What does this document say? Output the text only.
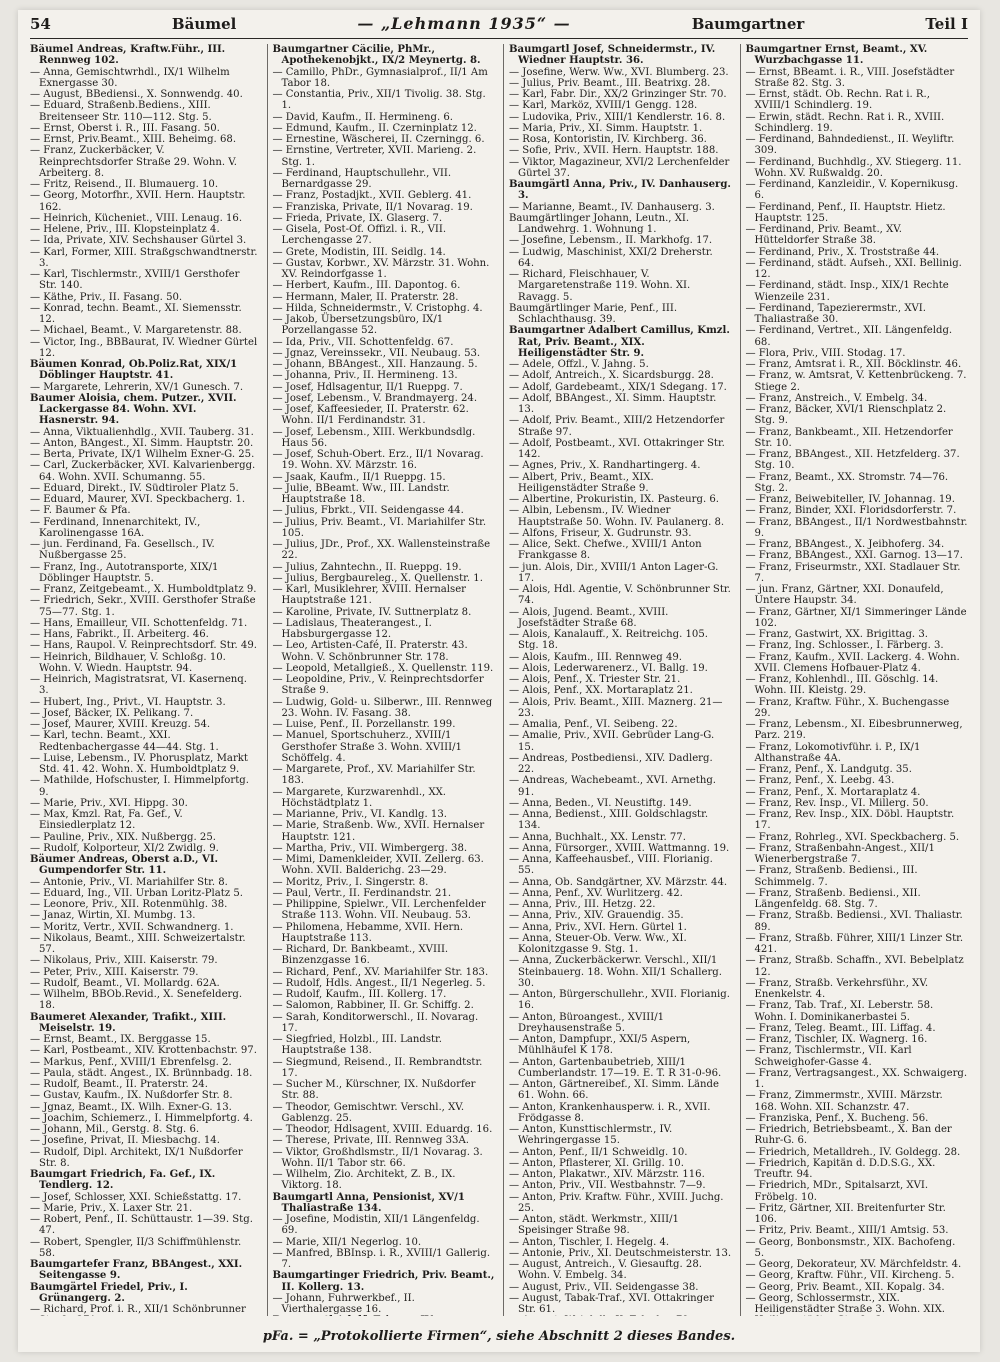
54	Bäumel	— „Lehmann 1935“ —	Baumgartner	Teil I

Bäumel Andreas, Kraftw.Führ., III. Rennweg 102.

— Anna, Gemischtwrhdl., IX/1 Wilhelm Exnergasse 30.

— August, BBediensi., X. Sonnwendg. 40.

— Eduard, Straßenb.Bediens., XIII. Breitenseer Str. 110—112. Stg. 5.

— Ernst, Oberst i. R., III. Fasang. 50.

— Ernst, Priv.Beamt., XIII. Beheimg. 68.

— Franz, Zuckerbäcker, V. Reinprechtsdorfer Straße 29. Wohn. V. Arbeiterg. 8.

— Fritz, Reisend., II. Blumauerg. 10.

— Georg, Motorfhr., XVII. Hern. Hauptstr. 162.

— Heinrich, Kücheniet., VIII. Lenaug. 16.

— Helene, Priv., III. Klopsteinplatz 4.

— Ida, Private, XIV. Sechshauser Gürtel 3.

— Karl, Former, XIII. Straßgschwandtnerstr. 3.

— Karl, Tischlermstr., XVIII/1 Gersthofer Str. 140.

— Käthe, Priv., II. Fasang. 50.

— Konrad, techn. Beamt., XI. Siemensstr. 12.

— Michael, Beamt., V. Margaretenstr. 88.

— Victor, Ing., BBBaurat, IV. Wiedner Gürtel 12.

Bäumen Konrad, Ob.Poliz.Rat, XIX/1 Döblinger Hauptstr. 41.

— Margarete, Lehrerin, XV/1 Gunesch. 7.

Baumer Aloisia, chem. Putzer., XVII. Lackergasse 84. Wohn. XVI. Hasnerstr. 94.

— Anna, Viktualienhdlg., XVII. Tauberg. 31.

— Anton, BAngest., XI. Simm. Hauptstr. 20.

— Berta, Private, IX/1 Wilhelm Exner-G. 25.

— Carl, Zuckerbäcker, XVI. Kalvarienbergg. 64. Wohn. XVII. Schumanng. 55.

— Eduard, Direkt., IV. Südtiroler Platz 5.

— Eduard, Maurer, XVI. Speckbacherg. 1.

— F. Baumer & Pfa.

— Ferdinand, Innenarchitekt, IV., Karolinengasse 16A.

— jun. Ferdinand, Fa. Gesellsch., IV. Nußbergasse 25.

— Franz, Ing., Autotransporte, XIX/1 Döblinger Hauptstr. 5.

— Franz, Zeitgebeamt., X. Humboldtplatz 9.

— Friedrich, Sekr., XVIII. Gersthofer Straße 75—77. Stg. 1.

— Hans, Emailleur, VII. Schottenfeldg. 71.

— Hans, Fabrikt., II. Arbeiterg. 46.

— Hans, Raupol. V. Reinprechtsdorf. Str. 49.

— Heinrich, Bildhauer, V. Schloßg. 10. Wohn. V. Wiedn. Hauptstr. 94.

— Heinrich, Magistratsrat, VI. Kasernenq. 3.

— Hubert, Ing., Privt., VI. Hauptstr. 3.

— Josef, Bäcker, IX. Pelikang. 7.

— Josef, Maurer, XVIII. Kreuzg. 54.

— Karl, techn. Beamt., XXI. Redtenbachergasse 44—44. Stg. 1.

— Luise, Lebensm., IV. Phorusplatz, Markt Std. 41. 42. Wohn. X. Humboldtplatz 9.

— Mathilde, Hofschuster, I. Himmelpfortg. 9.

— Marie, Priv., XVI. Hippg. 30.

— Max, Kmzl. Rat, Fa. Gef., V. Einsiedlerplatz 12.

— Pauline, Priv., XIX. Nußbergg. 25.

— Rudolf, Kolporteur, XI/2 Zwidlg. 9.

Bäumer Andreas, Oberst a.D., VI. Gumpendorfer Str. 11.

— Antonie, Priv., VI. Mariahilfer Str. 8.

— Eduard, Ing., VII. Urban Loritz-Platz 5.

— Leonore, Priv., XII. Rotenmühlg. 38.

— Janaz, Wirtin, XI. Mumbg. 13.

— Moritz, Vertr., XVII. Schwandnerg. 1.

— Nikolaus, Beamt., XIII. Schweizertalstr. 57.

— Nikolaus, Priv., XIII. Kaiserstr. 79.

— Peter, Priv., XIII. Kaiserstr. 79.

— Rudolf, Beamt., VI. Mollardg. 62A.

— Wilhelm, BBOb.Revid., X. Senefelderg. 18.

Baumeret Alexander, Trafikt., XIII. Meiselstr. 19.

— Ernst, Beamt., IX. Berggasse 15.

— Karl, Postbeamt., XIV. Krottenbachstr. 97.

— Markus, Penf., XVIII/1 Ebrenfelsg. 2.

— Paula, städt. Angest., IX. Brünnbadg. 18.

— Rudolf, Beamt., II. Praterstr. 24.

— Gustav, Kaufm., IX. Nußdorfer Str. 8.

— Jgnaz, Beamt., IX. Wilh. Exner-G. 13.

— Joachim, Schiemerz., I. Himmelpfortg. 4.

— Johann, Mil., Gerstg. 8. Stg. 6.

— Josefine, Privat, II. Miesbachg. 14.

— Rudolf, Dipl. Architekt, IX/1 Nußdorfer Str. 8.

Baumgart Friedrich, Fa. Gef., IX. Tendlerg. 12.

— Josef, Schlosser, XXI. Schießstattg. 17.

— Marie, Priv., X. Laxer Str. 21.

— Robert, Penf., II. Schüttaustr. 1—39. Stg. 47.

— Robert, Spengler, II/3 Schiffmühlenstr. 58.

Baumgartefer Franz, BBAngest., XXI. Seitengasse 9.

Baumgärtel Friedel, Priv., I. Grünangerg. 2.

— Richard, Prof. i. R., XII/1 Schönbrunner

Baumgartner Cäcilie, PhMr., Apothekenobjkt., IX/2 Meynertg. 8.

— Camillo, PhDr., Gymnasialprof., II/1 Am Tabor 18.

— Constantia, Priv., XII/1 Tivolig. 38. Stg. 1.

— David, Kaufm., II. Hermineng. 6.

— Edmund, Kaufm., II. Czerninplatz 12.

— Ernestine, Wäscherei, II. Czerningg. 6.

— Ernstine, Vertreter, XVII. Marieng. 2. Stg. 1.

— Ferdinand, Hauptschullehr., VII. Bernardgasse 29.

— Franz, Postadjkt., XVII. Geblerg. 41.

— Franziska, Private, II/1 Novarag. 19.

— Frieda, Private, IX. Glaserg. 7.

— Gisela, Post-Of. Offizl. i. R., VII. Lerchengasse 27.

— Grete, Modistin, III. Seidlg. 14.

— Gustav, Korbwr., XV. Märzstr. 31. Wohn. XV. Reindorfgasse 1.

— Herbert, Kaufm., III. Dapontog. 6.

— Hermann, Maler, II. Praterstr. 28.

— Hilda, Schneidermstr., V. Cristophg. 4.

— Jakob, Übersetzungsbüro, IX/1 Porzellangasse 52.

— Ida, Priv., VII. Schottenfeldg. 67.

— Jgnaz, Vereinssekr., VII. Neubaug. 53.

— Johann, BBAngest., XII. Hanzaung. 5.

— Johanna, Priv., II. Hermineng. 13.

— Josef, Hdlsagentur, II/1 Rueppg. 7.

— Josef, Lebensm., V. Brandmayerg. 24.

— Josef, Kaffeesieder, II. Praterstr. 62. Wohn. II/1 Ferdinandstr. 31.

— Josef, Lebensm., XIII. Werkbundsdlg. Haus 56.

— Josef, Schuh-Obert. Erz., II/1 Novarag. 19. Wohn. XV. Märzstr. 16.

— Jsaak, Kaufm., II/1 Rueppg. 15.

— Julie, BBeamt. Ww., III. Landstr. Hauptstraße 18.

— Julius, Fbrkt., VII. Seidengasse 44.

— Julius, Priv. Beamt., VI. Mariahilfer Str. 105.

— Julius, JDr., Prof., XX. Wallensteinstraße 22.

— Julius, Zahntechn., II. Rueppg. 19.

— Julius, Bergbaureleg., X. Quellenstr. 1.

— Karl, Musiklehrer, XVIII. Hernalser Hauptstraße 121.

— Karoline, Private, IV. Suttnerplatz 8.

— Ladislaus, Theaterangest., I. Habsburgergasse 12.

— Leo, Artisten-Café, II. Praterstr. 43. Wohn. V. Schönbrunner Str. 178.

— Leopold, Metallgieß., X. Quellenstr. 119.

— Leopoldine, Priv., V. Reinprechtsdorfer Straße 9.

— Ludwig, Gold- u. Silberwr., III. Rennweg 23. Wohn. IV. Fasang. 38.

— Luise, Penf., II. Porzellanstr. 199.

— Manuel, Sportschuherz., XVIII/1 Gersthofer Straße 3. Wohn. XVIII/1 Schöffelg. 4.

— Margarete, Prof., XV. Mariahilfer Str. 183.

— Margarete, Kurzwarenhdl., XX. Höchstädtplatz 1.

— Marianne, Priv., VI. Kandlg. 13.

— Marie, Straßenb. Ww., XVII. Hernalser Hauptstr. 121.

— Martha, Priv., VII. Wimbergerg. 38.

— Mimi, Damenkleider, XVII. Zellerg. 63. Wohn. XVII. Balderichg. 23—29.

— Moritz, Priv., I. Singerstr. 8.

— Paul, Vertr., II. Ferdinandstr. 21.

— Philippine, Spielwr., VII. Lerchenfelder Straße 113. Wohn. VII. Neubaug. 53.

— Philomena, Hebamme, XVII. Hern. Hauptstraße 113.

— Richard, Dr. Bankbeamt., XVIII. Binzenzgasse 16.

— Richard, Penf., XV. Mariahilfer Str. 183.

— Rudolf, Hdls. Angest., II/1 Negerleg. 5.

— Rudolf, Kaufm., III. Kollerg. 17.

— Salomon, Rabbiner, II. Gr. Schiffg. 2.

— Sarah, Konditorwerschl., II. Novarag. 17.

— Siegfried, Holzbl., III. Landstr. Hauptstraße 138.

— Siegmund, Reisend., II. Rembrandtstr. 17.

— Sucher M., Kürschner, IX. Nußdorfer Str. 88.

— Theodor, Gemischtwr. Verschl., XV. Gablenzg. 25.

— Theodor, Hdlsagent, XVIII. Eduardg. 16.

— Therese, Private, III. Rennweg 33A.

— Viktor, Großhdlsmstr., II/1 Novarag. 3. Wohn. II/1 Tabor str. 66.

— Wilhelm, Zio. Architekt, Z. B., IX. Viktorg. 18.

Baumgartl Anna, Pensionist, XV/1 Thaliastraße 134.

— Josefine, Modistin, XII/1 Längenfeldg. 69.

— Marie, XII/1 Negerlog. 10.

— Manfred, BBInsp. i. R., XVIII/1 Gallerig. 7.

Baumgartinger Friedrich, Priv. Beamt., II. Kollerg. 13.

— Johann, Fuhrwerkbef., II. Vierthalergasse 16.

Baumgartl Josef, Schneidermstr., IV. Wiedner Hauptstr. 36.

— Josefine, Werw. Ww., XVI. Blumberg. 23.

— Julius, Priv. Beamt., III. Beatrixg. 28.

— Karl, Fabr. Dir., XX/2 Grinzinger Str. 70.

— Karl, Marköz, XVIII/1 Gengg. 128.

— Ludovika, Priv., XIII/1 Kendlerstr. 16. 8.

— Maria, Priv., XI. Simm. Hauptstr. 1.

— Rosa, Kontoristin, IV. Kirchberg. 36.

— Sofie, Priv., XVII. Hern. Hauptstr. 188.

— Viktor, Magazineur, XVI/2 Lerchenfelder Gürtel 37.

Baumgärtl Anna, Priv., IV. Danhauserg. 3.

— Marianne, Beamt., IV. Danhauserg. 3.

Baumgärtlinger Johann, Leutn., XI. Landwehrg. 1. Wohnung 1.

— Josefine, Lebensm., II. Markhofg. 17.

— Ludwig, Maschinist, XXI/2 Dreherstr. 64.

— Richard, Fleischhauer, V. Margaretenstraße 119. Wohn. XI. Ravagg. 5.

Baumgärtlinger Marie, Penf., III. Schlachthausg. 39.

Baumgartner Adalbert Camillus, Kmzl. Rat, Priv. Beamt., XIX. Heiligenstädter Str. 9.

— Adele, Offzl., V. Jahng. 5.

— Adolf, Antreich., X. Sicardsburgg. 28.

— Adolf, Gardebeamt., XIX/1 Sdegang. 17.

— Adolf, BBAngest., XI. Simm. Hauptstr. 13.

— Adolf, Priv. Beamt., XIII/2 Hetzendorfer Straße 97.

— Adolf, Postbeamt., XVI. Ottakringer Str. 142.

— Agnes, Priv., X. Randhartingerg. 4.

— Albert, Priv., Beamt., XIX. Heiligenstädter Straße 9.

— Albertine, Prokuristin, IX. Pasteurg. 6.

— Albin, Lebensm., IV. Wiedner Hauptstraße 50. Wohn. IV. Paulanerg. 8.

— Alfons, Friseur, X. Gudrunstr. 93.

— Alice, Sekt. Chefwe., XVIII/1 Anton Frankgasse 8.

— jun. Alois, Dir., XVIII/1 Anton Lager-G. 17.

— Alois, Hdl. Agentie, V. Schönbrunner Str. 74.

— Alois, Jugend. Beamt., XVIII. Josefstädter Straße 68.

— Alois, Kanalauff., X. Reitreichg. 105. Stg. 18.

— Alois, Kaufm., III. Rennweg 49.

— Alois, Lederwarenerz., VI. Ballg. 19.

— Alois, Penf., X. Triester Str. 21.

— Alois, Penf., XX. Mortaraplatz 21.

— Alois, Priv. Beamt., XIII. Maznerg. 21—23.

— Amalia, Penf., VI. Seibeng. 22.

— Amalie, Priv., XVII. Gebrüder Lang-G. 15.

— Andreas, Postbediensi., XIV. Dadlerg. 22.

— Andreas, Wachebeamt., XVI. Arnethg. 91.

— Anna, Beden., VI. Neustiftg. 149.

— Anna, Bedienst., XIII. Goldschlagstr. 134.

— Anna, Buchhalt., XX. Lenstr. 77.

— Anna, Fürsorger., XVIII. Wattmanng. 19.

— Anna, Kaffeehausbef., VIII. Florianig. 55.

— Anna, Ob. Sandgärtner, XV. Märzstr. 44.

— Anna, Penf., XV. Wurlitzerg. 42.

— Anna, Priv., III. Hetzg. 22.

— Anna, Priv., XIV. Grauendig. 35.

— Anna, Priv., XVI. Hern. Gürtel 1.

— Anna, Steuer-Ob. Verw. Ww., XI. Kolonitzgasse 9. Stg. 1.

— Anna, Zuckerbäckerwr. Verschl., XII/1 Steinbauerg. 18. Wohn. XII/1 Schallerg. 30.

— Anton, Bürgerschullehr., XVII. Florianig. 16.

— Anton, Büroangest., XVIII/1 Dreyhausenstraße 5.

— Anton, Dampfupr., XXI/5 Aspern, Mühlhäufel K 178.

— Anton, Gartenbaubetrieb, XIII/1 Cumberlandstr. 17—19. E. T. R 31-0-96.

— Anton, Gärtnereibef., XI. Simm. Lände 61. Wohn. 66.

— Anton, Krankenhausperw. i. R., XVII. Frödgasse 8.

— Anton, Kunsttischlermstr., IV. Wehringergasse 15.

— Anton, Penf., II/1 Schweidlg. 10.

— Anton, Pflasterer, XI. Grillg. 10.

— Anton, Plakatwr., XIV. Märzstr. 116.

— Anton, Priv., VII. Westbahnstr. 7—9.

— Anton, Priv. Kraftw. Führ., XVIII. Juchg. 25.

— Anton, städt. Werkmstr., XIII/1 Speisinger Straße 98.

— Anton, Tischler, I. Hegelg. 4.

— Antonie, Priv., XI. Deutschmeisterstr. 13.

— August, Antreich., V. Giesauftg. 28. Wohn. V. Embelg. 34.

— August, Priv., VII. Seidengasse 38.

— August, Tabak-Traf., XVI. Ottakringer Str. 61.

Baumgartner Ernst, Beamt., XV. Wurzbachgasse 11.

— Ernst, BBeamt. i. R., VIII. Josefstädter Straße 82. Stg. 3.

— Ernst, städt. Ob. Rechn. Rat i. R., XVIII/1 Schindlerg. 19.

— Erwin, städt. Rechn. Rat i. R., XVIII. Schindlerg. 19.

— Ferdinand, Bahndedienst., II. Weyliftr. 309.

— Ferdinand, Buchhdlg., XV. Stiegerg. 11. Wohn. XV. Rußwaldg. 20.

— Ferdinand, Kanzleidir., V. Kopernikusg. 6.

— Ferdinand, Penf., II. Hauptstr. Hietz. Hauptstr. 125.

— Ferdinand, Priv. Beamt., XV. Hütteldorfer Straße 38.

— Ferdinand, Priv., X. Troststraße 44.

— Ferdinand, städt. Aufseh., XXI. Bellinig. 12.

— Ferdinand, städt. Insp., XIX/1 Rechte Wienzeile 231.

— Ferdinand, Tapezierermstr., XVI. Thaliastraße 30.

— Ferdinand, Vertret., XII. Längenfeldg. 68.

— Flora, Priv., VIII. Stodag. 17.

— Franz, Amtsrat i. R., XII. Böcklinstr. 46.

— Franz, w. Amtsrat, V. Kettenbrückeng. 7. Stiege 2.

— Franz, Anstreich., V. Embelg. 34.

— Franz, Bäcker, XVI/1 Rienschplatz 2. Stg. 9.

— Franz, Bankbeamt., XII. Hetzendorfer Str. 10.

— Franz, BBAngest., XII. Hetzfelderg. 37. Stg. 10.

— Franz, Beamt., XX. Stromstr. 74—76. Stg. 2.

— Franz, Beiwebiteller, IV. Johannag. 19.

— Franz, Binder, XXI. Floridsdorferstr. 7.

— Franz, BBAngest., II/1 Nordwestbahnstr. 9.

— Franz, BBAngest., X. Jeibhoferg. 34.

— Franz, BBAngest., XXI. Garnog. 13—17.

— Franz, Friseurmstr., XXI. Stadlauer Str. 7.

— jun. Franz, Gärtner, XXI. Donaufeld, Untere Haupstr. 34.

— Franz, Gärtner, XI/1 Simmeringer Lände 102.

— Franz, Gastwirt, XX. Brigittag. 3.

— Franz, Ing. Schlosser., I. Färberg. 3.

— Franz, Kaufm., XVII. Lackerg. 4. Wohn. XVII. Clemens Hofbauer-Platz 4.

— Franz, Kohlenhdl., III. Göschlg. 14. Wohn. III. Kleistg. 29.

— Franz, Kraftw. Führ., X. Buchengasse 29.

— Franz, Lebensm., XI. Eibesbrunnerweg, Parz. 219.

— Franz, Lokomotivführ. i. P., IX/1 Althanstraße 4A.

— Franz, Penf., X. Landgutg. 35.

— Franz, Penf., X. Leebg. 43.

— Franz, Penf., X. Mortaraplatz 4.

— Franz, Rev. Insp., VI. Millerg. 50.

— Franz, Rev. Insp., XIX. Döbl. Hauptstr. 17.

— Franz, Rohrleg., XVI. Speckbacherg. 5.

— Franz, Straßenbahn-Angest., XII/1 Wienerbergstraße 7.

— Franz, Straßenb. Bediensi., III. Schimmelg. 7.

— Franz, Straßenb. Bediensi., XII. Längenfeldg. 68. Stg. 7.

— Franz, Straßb. Bediensi., XVI. Thaliastr. 89.

— Franz, Straßb. Führer, XIII/1 Linzer Str. 421.

— Franz, Straßb. Schaffn., XVI. Bebelplatz 12.

— Franz, Straßb. Verkehrsführ., XV. Enenkelstr. 4.

— Franz, Tab. Traf., XI. Leberstr. 58. Wohn. I. Dominikanerbastei 5.

— Franz, Teleg. Beamt., III. Liffag. 4.

— Franz, Tischler, IX. Wagnerg. 16.

— Franz, Tischlermstr., VII. Karl Schweighofer-Gasse 4.

— Franz, Vertragsangest., XX. Schwaigerg. 1.

— Franz, Zimmermstr., XVIII. Märzstr. 168. Wohn. XII. Schanzstr. 47.

— Franziska, Penf., X. Bucheng. 56.

— Friedrich, Betriebsbeamt., X. Ban der Ruhr-G. 6.

— Friedrich, Metalldreh., IV. Goldegg. 28.

— Friedrich, Kapitän d. D.D.S.G., XX. Treuftr. 94.

— Friedrich, MDr., Spitalsarzt, XVI. Fröbelg. 10.

— Fritz, Gärtner, XII. Breitenfurter Str. 106.

— Fritz, Priv. Beamt., XIII/1 Amtsig. 53.

— Georg, Bonbonsmstr., XIX. Bachofeng. 5.

— Georg, Dekorateur, XV. Märchfeldstr. 4.

— Georg, Kraftw. Führ., VII. Kircheng. 5.

— Georg, Priv. Beamt., XII. Kopalg. 34.

— Georg, Schlossermstr., XIX. Heiligenstädter Straße 3. Wohn. XIX.

pFa. = „Protokollierte Firmen“, siehe Abschnitt 2 dieses Bandes.
